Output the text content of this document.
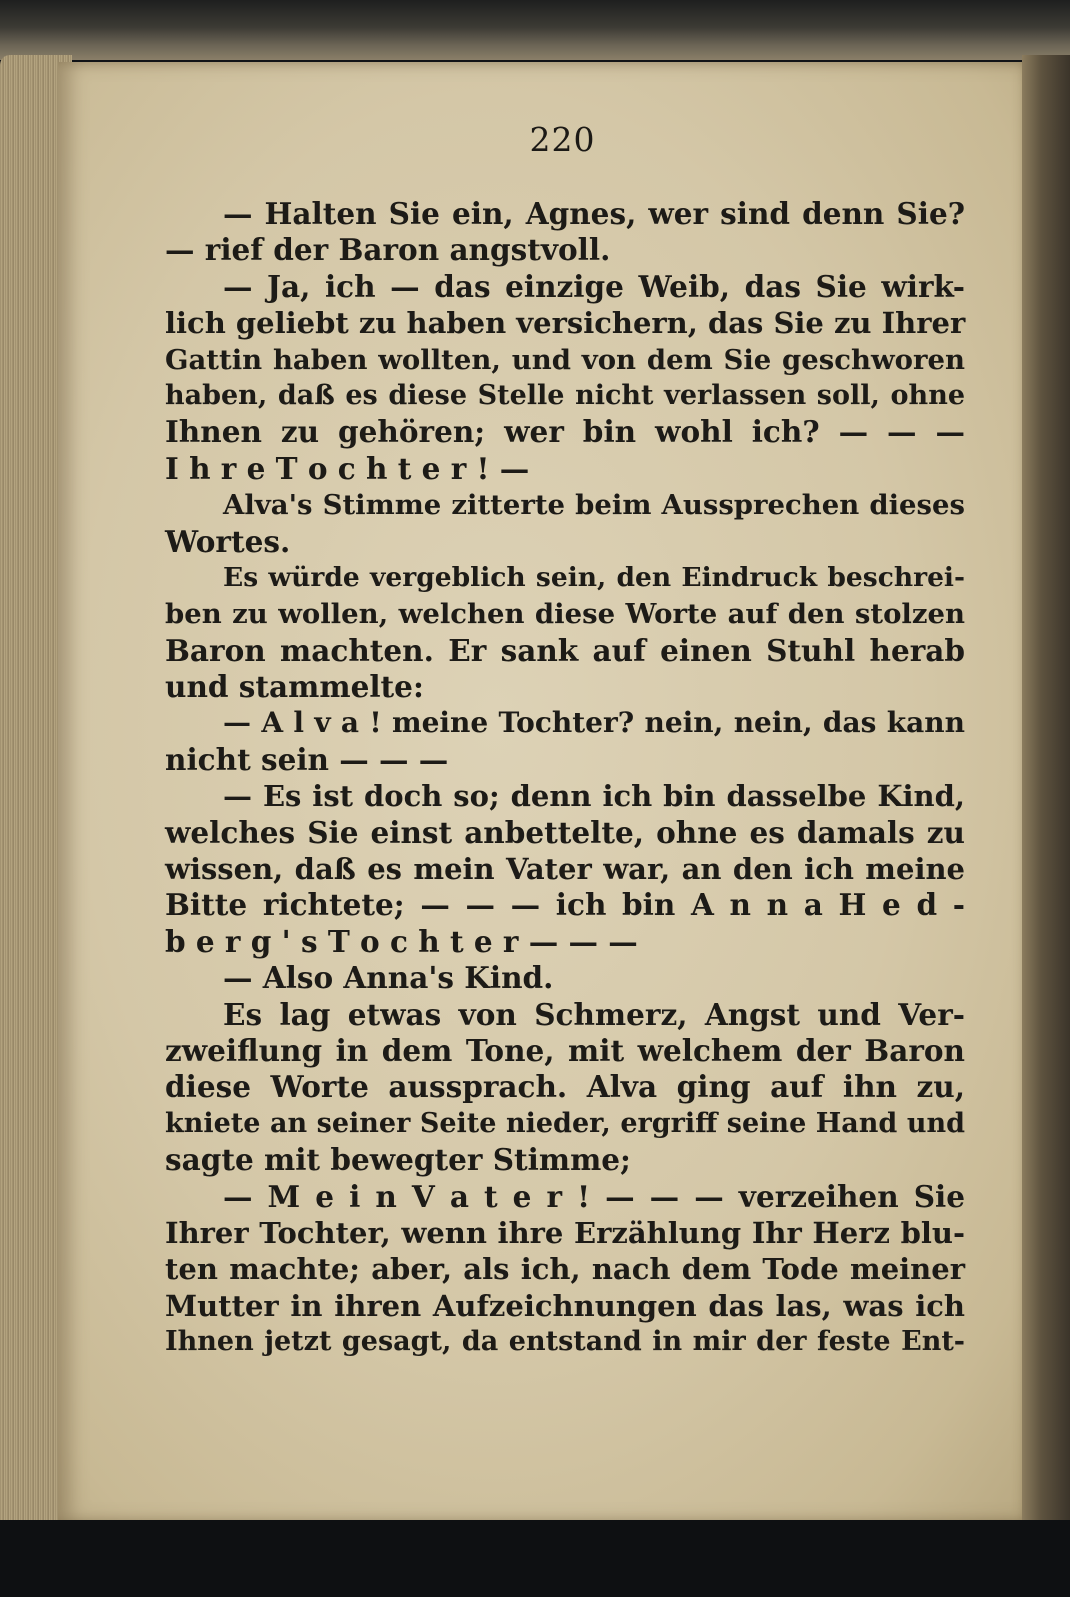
220
— Halten Sie ein, Agnes, wer sind denn Sie?
— rief der Baron angstvoll.
— Ja, ich — das einzige Weib, das Sie wirk-
lich geliebt zu haben versichern, das Sie zu Ihrer
Gattin haben wollten, und von dem Sie geschworen
haben, daß es diese Stelle nicht verlassen soll, ohne
Ihnen zu gehören; wer bin wohl ich? — — —
I h r e T o c h t e r ! —
Alva's Stimme zitterte beim Aussprechen dieses
Wortes.
Es würde vergeblich sein, den Eindruck beschrei-
ben zu wollen, welchen diese Worte auf den stolzen
Baron machten. Er sank auf einen Stuhl herab
und stammelte:
— A l v a ! meine Tochter? nein, nein, das kann
nicht sein — — —
— Es ist doch so; denn ich bin dasselbe Kind,
welches Sie einst anbettelte, ohne es damals zu
wissen, daß es mein Vater war, an den ich meine
Bitte richtete; — — — ich bin A n n a H e d -
b e r g ' s T o c h t e r — — —
— Also Anna's Kind.
Es lag etwas von Schmerz, Angst und Ver-
zweiflung in dem Tone, mit welchem der Baron
diese Worte aussprach. Alva ging auf ihn zu,
kniete an seiner Seite nieder, ergriff seine Hand und
sagte mit bewegter Stimme;
— M e i n V a t e r ! — — — verzeihen Sie
Ihrer Tochter, wenn ihre Erzählung Ihr Herz blu-
ten machte; aber, als ich, nach dem Tode meiner
Mutter in ihren Aufzeichnungen das las, was ich
Ihnen jetzt gesagt, da entstand in mir der feste Ent-
